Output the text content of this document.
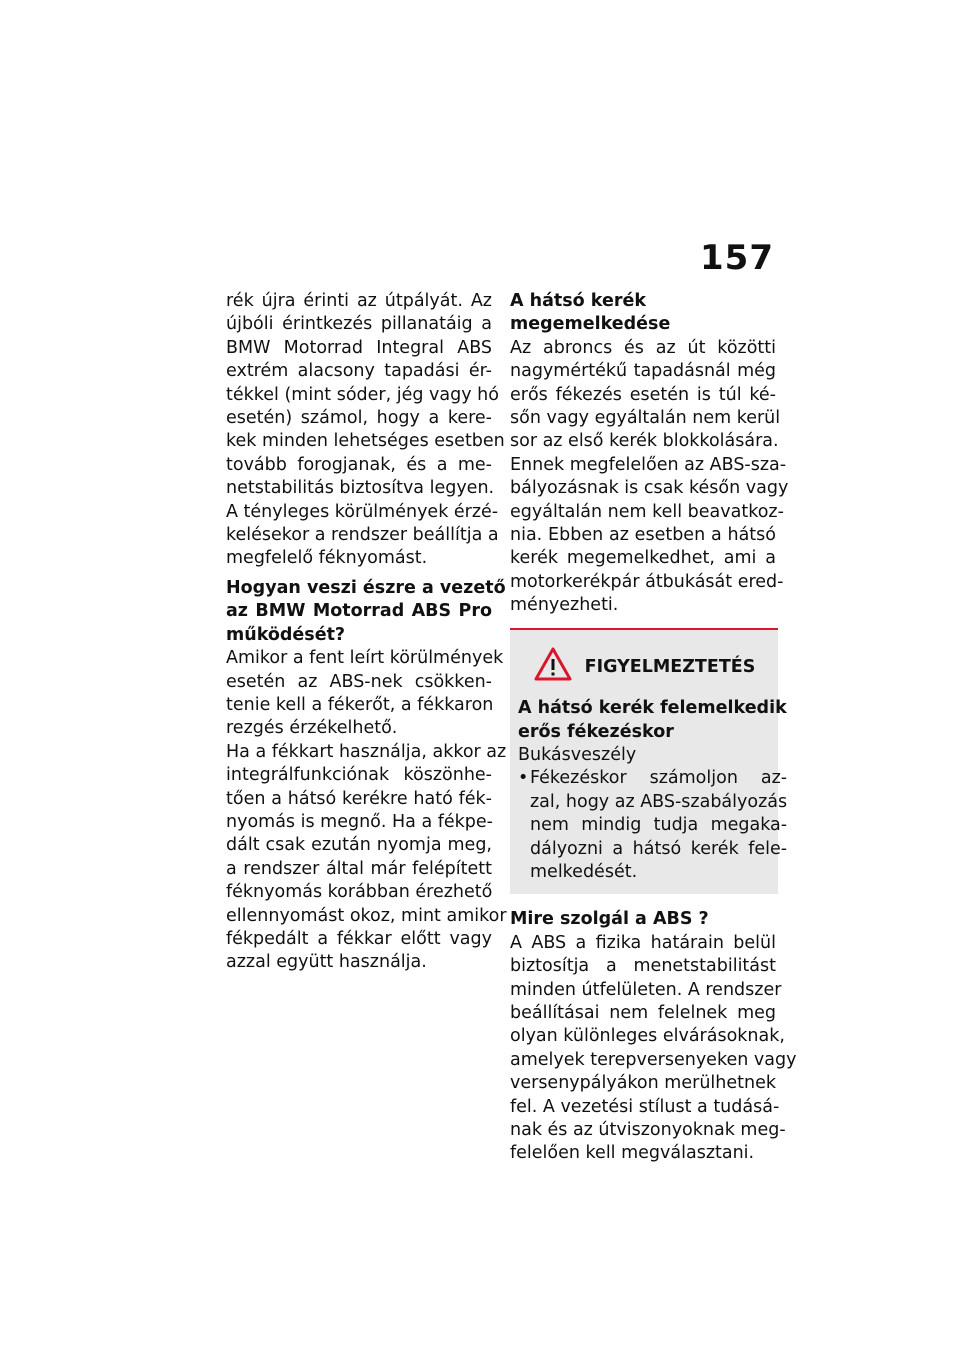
157
rék újra érinti az útpályát. Az
újbóli érintkezés pillanatáig a
BMW Motorrad Integral ABS
extrém alacsony tapadási ér-
tékkel (mint sóder, jég vagy hó
esetén) számol, hogy a kere-
kek minden lehetséges esetben
tovább forogjanak, és a me-
netstabilitás biztosítva legyen.
A tényleges körülmények érzé-
kelésekor a rendszer beállítja a
megfelelő féknyomást.
Hogyan veszi észre a vezető
az BMW Motorrad ABS Pro
működését?
Amikor a fent leírt körülmények
esetén az ABS-nek csökken-
tenie kell a fékerőt, a fékkaron
rezgés érzékelhető.
Ha a fékkart használja, akkor az
integrálfunkciónak köszönhe-
tően a hátsó kerékre ható fék-
nyomás is megnő. Ha a fékpe-
dált csak ezután nyomja meg,
a rendszer által már felépített
féknyomás korábban érezhető
ellennyomást okoz, mint amikor
fékpedált a fékkar előtt vagy
azzal együtt használja.
A hátsó kerék
megemelkedése
Az abroncs és az út közötti
nagymértékű tapadásnál még
erős fékezés esetén is túl ké-
sőn vagy egyáltalán nem kerül
sor az első kerék blokkolására.
Ennek megfelelően az ABS-sza-
bályozásnak is csak későn vagy
egyáltalán nem kell beavatkoz-
nia. Ebben az esetben a hátsó
kerék megemelkedhet, ami a
motorkerékpár átbukását ered-
ményezheti.
FIGYELMEZTETÉS
A hátsó kerék felemelkedik
erős fékezéskor
Bukásveszély
• Fékezéskor számoljon az-
zal, hogy az ABS-szabályozás
nem mindig tudja megaka-
dályozni a hátsó kerék fele-
melkedését.
Mire szolgál a ABS ?
A ABS a fizika határain belül
biztosítja a menetstabilitást
minden útfelületen. A rendszer
beállításai nem felelnek meg
olyan különleges elvárásoknak,
amelyek terepversenyeken vagy
versenypályákon merülhetnek
fel. A vezetési stílust a tudásá-
nak és az útviszonyoknak meg-
felelően kell megválasztani.
